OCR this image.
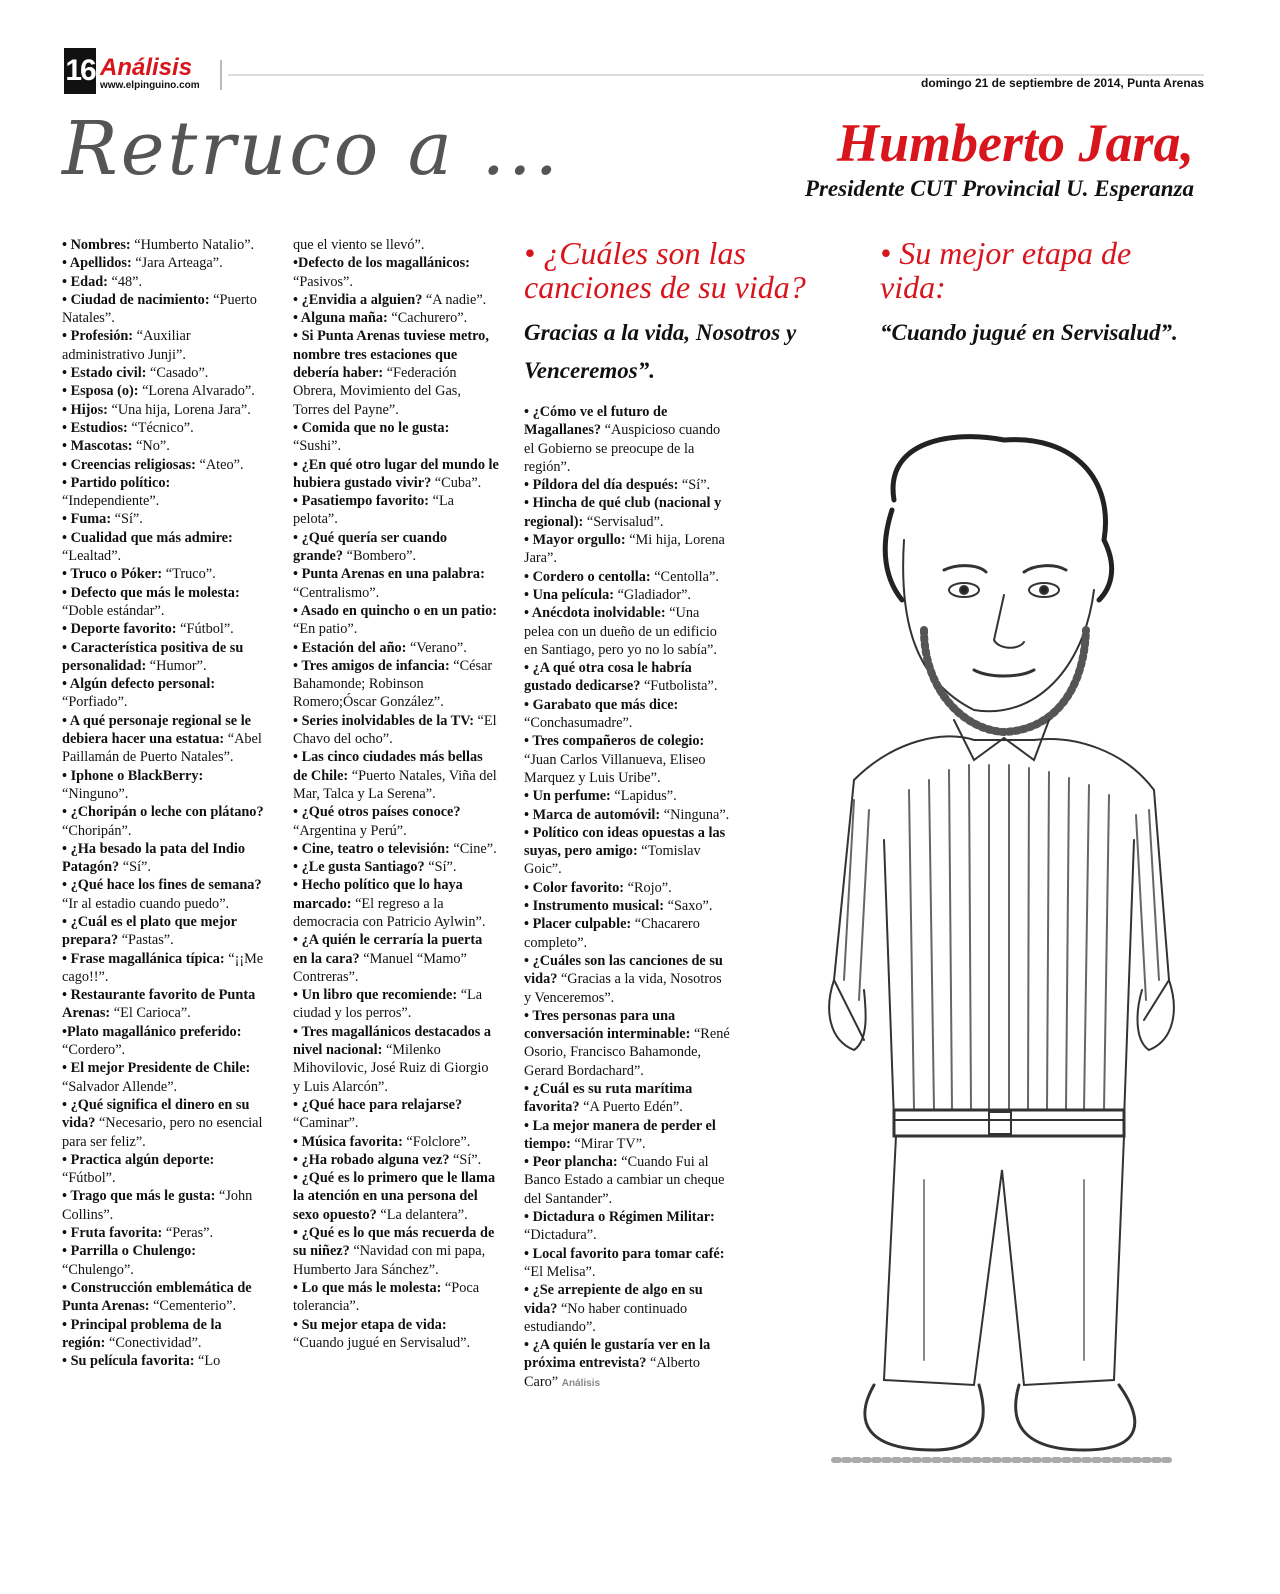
16 Análisis
www.elpinguino.com	domingo 21 de septiembre de 2014, Punta Arenas
Retruco a ...	Humberto Jara,
Presidente CUT Provincial U. Esperanza

• Nombres: “Humberto Natalio”.

• Apellidos: “Jara Arteaga”.

• Edad: “48”.

• Ciudad de nacimiento: “Puerto Natales”.

• Profesión: “Auxiliar administrativo Junji”.

• Estado civil: “Casado”.

• Esposa (o): “Lorena Alvarado”.

• Hijos: “Una hija, Lorena Jara”.

• Estudios: “Técnico”.

• Mascotas: “No”.

• Creencias religiosas: “Ateo”.

• Partido político: “Independiente”.

• Fuma: “Sí”.

• Cualidad que más admire: “Lealtad”.

• Truco o Póker: “Truco”.

• Defecto que más le molesta: “Doble estándar”.

• Deporte favorito: “Fútbol”.

• Característica positiva de su personalidad: “Humor”.

• Algún defecto personal: “Porfiado”.

• A qué personaje regional se le debiera hacer una estatua: “Abel Paillamán de Puerto Natales”.

• Iphone o BlackBerry: “Ninguno”.

• ¿Choripán o leche con plátano? “Choripán”.

• ¿Ha besado la pata del Indio Patagón? “Sí”.

• ¿Qué hace los fines de semana? “Ir al estadio cuando puedo”.

• ¿Cuál es el plato que mejor prepara? “Pastas”.

• Frase magallánica típica: “¡¡Me cago!!”.

• Restaurante favorito de Punta Arenas: “El Carioca”.

•Plato magallánico preferido: “Cordero”.

• El mejor Presidente de Chile: “Salvador Allende”.

• ¿Qué significa el dinero en su vida? “Necesario, pero no esencial para ser feliz”.

• Practica algún deporte: “Fútbol”.

• Trago que más le gusta: “John Collins”.

• Fruta favorita: “Peras”.

• Parrilla o Chulengo: “Chulengo”.

• Construcción emblemática de Punta Arenas: “Cementerio”.

• Principal problema de la región: “Conectividad”.

• Su película favorita: “Lo

que el viento se llevó”.

•Defecto de los magallánicos: “Pasivos”.

• ¿Envidia a alguien? “A nadie”.

• Alguna maña: “Cachurero”.

• Si Punta Arenas tuviese metro, nombre tres estaciones que debería haber: “Federación Obrera, Movimiento del Gas, Torres del Payne”.

• Comida que no le gusta: “Sushi”.

• ¿En qué otro lugar del mundo le hubiera gustado vivir? “Cuba”.

• Pasatiempo favorito: “La pelota”.

• ¿Qué quería ser cuando grande? “Bombero”.

• Punta Arenas en una palabra: “Centralismo”.

• Asado en quincho o en un patio: “En patio”.

• Estación del año: “Verano”.

• Tres amigos de infancia: “César Bahamonde; Robinson Romero;Óscar González”.

• Series inolvidables de la TV: “El Chavo del ocho”.

• Las cinco ciudades más bellas de Chile: “Puerto Natales, Viña del Mar, Talca y La Serena”.

• ¿Qué otros países conoce? “Argentina y Perú”.

• Cine, teatro o televisión: “Cine”.

• ¿Le gusta Santiago? “Sí”.

• Hecho político que lo haya marcado: “El regreso a la democracia con Patricio Aylwin”.

• ¿A quién le cerraría la puerta en la cara? “Manuel “Mamo” Contreras”.

• Un libro que recomiende: “La ciudad y los perros”.

• Tres magallánicos destacados a nivel nacional: “Milenko Mihovilovic, José Ruiz di Giorgio y Luis Alarcón”.

• ¿Qué hace para relajarse? “Caminar”.

• Música favorita: “Folclore”.

• ¿Ha robado alguna vez? “Sí”.

• ¿Qué es lo primero que le llama la atención en una persona del sexo opuesto? “La delantera”.

• ¿Qué es lo que más recuerda de su niñez? “Navidad con mi papa, Humberto Jara Sánchez”.

• Lo que más le molesta: “Poca tolerancia”.

• Su mejor etapa de vida: “Cuando jugué en Servisalud”.

• ¿Cuáles son las canciones de su vida?
Gracias a la vida, Nosotros y Venceremos”.
• Su mejor etapa de vida:
“Cuando jugué en Servisalud”.

• ¿Cómo ve el futuro de Magallanes? “Auspicioso cuando el Gobierno se preocupe de la región”.

• Píldora del día después: “Sí”.

• Hincha de qué club (nacional y regional): “Servisalud”.

• Mayor orgullo: “Mi hija, Lorena Jara”.

• Cordero o centolla: “Centolla”.

• Una película: “Gladiador”.

• Anécdota inolvidable: “Una pelea con un dueño de un edificio en Santiago, pero yo no lo sabía”.

• ¿A qué otra cosa le habría gustado dedicarse? “Futbolista”.

• Garabato que más dice: “Conchasumadre”.

• Tres compañeros de colegio: “Juan Carlos Villanueva, Eliseo Marquez y Luis Uribe”.

• Un perfume: “Lapidus”.

• Marca de automóvil: “Ninguna”.

• Político con ideas opuestas a las suyas, pero amigo: “Tomislav Goic”.

• Color favorito: “Rojo”.

• Instrumento musical: “Saxo”.

• Placer culpable: “Chacarero completo”.

• ¿Cuáles son las canciones de su vida? “Gracias a la vida, Nosotros y Venceremos”.

• Tres personas para una conversación interminable: “René Osorio, Francisco Bahamonde, Gerard Bordachard”.

• ¿Cuál es su ruta marítima favorita? “A Puerto Edén”.

• La mejor manera de perder el tiempo: “Mirar TV”.

• Peor plancha: “Cuando Fui al Banco Estado a cambiar un cheque del Santander”.

• Dictadura o Régimen Militar: “Dictadura”.

• Local favorito para tomar café: “El Melisa”.

• ¿Se arrepiente de algo en su vida? “No haber continuado estudiando”.

• ¿A quién le gustaría ver en la próxima entrevista? “Alberto Caro” Análisis
